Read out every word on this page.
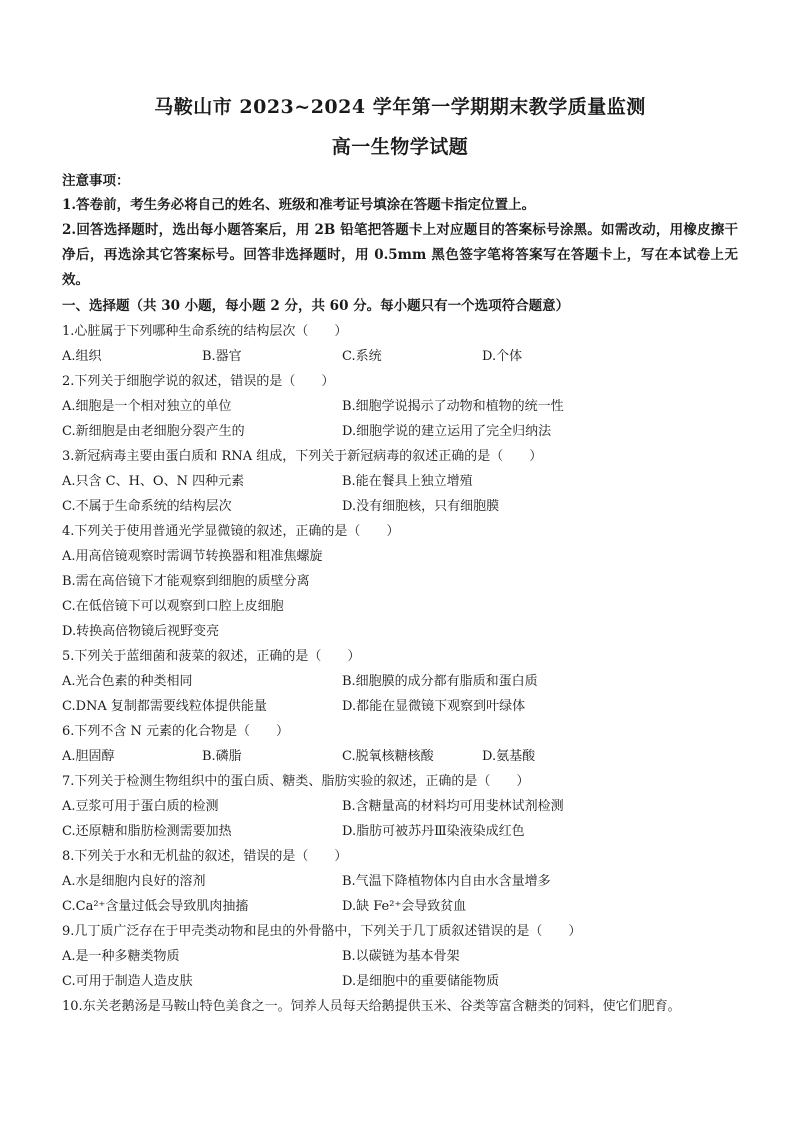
马鞍山市 2023~2024 学年第一学期期末教学质量监测
高一生物学试题
注意事项：
1.答卷前，考生务必将自己的姓名、班级和准考证号填涂在答题卡指定位置上。
2.回答选择题时，选出每小题答案后，用 2B 铅笔把答题卡上对应题目的答案标号涂黑。如需改动，用橡皮擦干净后，再选涂其它答案标号。回答非选择题时，用 0.5mm 黑色签字笔将答案写在答题卡上，写在本试卷上无效。
一、选择题（共 30 小题，每小题 2 分，共 60 分。每小题只有一个选项符合题意）
1.心脏属于下列哪种生命系统的结构层次（　　）
A.组织	B.器官	C.系统	D.个体
2.下列关于细胞学说的叙述，错误的是（　　）
A.细胞是一个相对独立的单位	B.细胞学说揭示了动物和植物的统一性
C.新细胞是由老细胞分裂产生的	D.细胞学说的建立运用了完全归纳法
3.新冠病毒主要由蛋白质和 RNA 组成，下列关于新冠病毒的叙述正确的是（　　）
A.只含 C、H、O、N 四种元素	B.能在餐具上独立增殖
C.不属于生命系统的结构层次	D.没有细胞核，只有细胞膜
4.下列关于使用普通光学显微镜的叙述，正确的是（　　）
A.用高倍镜观察时需调节转换器和粗准焦螺旋
B.需在高倍镜下才能观察到细胞的质壁分离
C.在低倍镜下可以观察到口腔上皮细胞
D.转换高倍物镜后视野变亮
5.下列关于蓝细菌和菠菜的叙述，正确的是（　　）
A.光合色素的种类相同	B.细胞膜的成分都有脂质和蛋白质
C.DNA 复制都需要线粒体提供能量	D.都能在显微镜下观察到叶绿体
6.下列不含 N 元素的化合物是（　　）
A.胆固醇	B.磷脂	C.脱氧核糖核酸	D.氨基酸
7.下列关于检测生物组织中的蛋白质、糖类、脂肪实验的叙述，正确的是（　　）
A.豆浆可用于蛋白质的检测	B.含糖量高的材料均可用斐林试剂检测
C.还原糖和脂肪检测需要加热	D.脂肪可被苏丹Ⅲ染液染成红色
8.下列关于水和无机盐的叙述，错误的是（　　）
A.水是细胞内良好的溶剂	B.气温下降植物体内自由水含量增多
C.Ca²⁺含量过低会导致肌肉抽搐	D.缺 Fe²⁺会导致贫血
9.几丁质广泛存在于甲壳类动物和昆虫的外骨骼中，下列关于几丁质叙述错误的是（　　）
A.是一种多糖类物质	B.以碳链为基本骨架
C.可用于制造人造皮肤	D.是细胞中的重要储能物质
10.东关老鹅汤是马鞍山特色美食之一。饲养人员每天给鹅提供玉米、谷类等富含糖类的饲料，使它们肥育。
